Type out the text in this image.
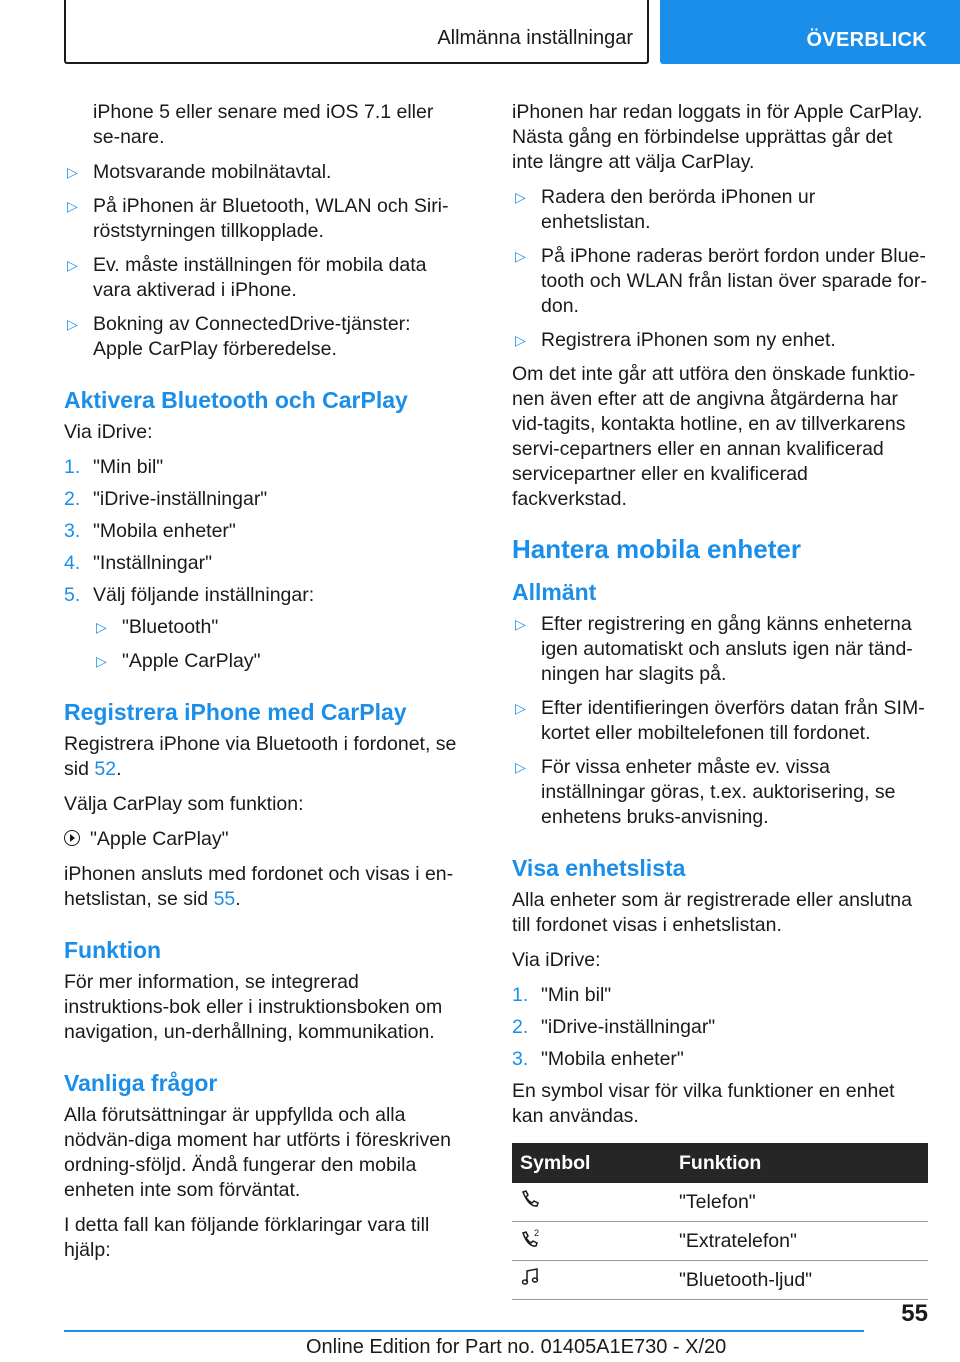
Allmänna inställningar	ÖVERBLICK

iPhone 5 eller senare med iOS 7.1 eller se-nare.

▷ Motsvarande mobilnätavtal.
▷ På iPhonen är Bluetooth, WLAN och Siri-röststyrningen tillkopplade.
▷ Ev. måste inställningen för mobila data vara aktiverad i iPhone.
▷ Bokning av ConnectedDrive-tjänster: Apple CarPlay förberedelse.
Aktivera Bluetooth och CarPlay

Via iDrive:

1. "Min bil"
2. "iDrive-inställningar"
3. "Mobila enheter"
4. "Inställningar"
5. Välj följande inställningar:
▷ "Bluetooth"
▷ "Apple CarPlay"
Registrera iPhone med CarPlay

Registrera iPhone via Bluetooth i fordonet, se sid 52.

Välja CarPlay som funktion:

"Apple CarPlay"

iPhonen ansluts med fordonet och visas i en-hetslistan, se sid 55.

Funktion

För mer information, se integrerad instruktions-bok eller i instruktionsboken om navigation, un-derhållning, kommunikation.

Vanliga frågor

Alla förutsättningar är uppfyllda och alla nödvän-diga moment har utförts i föreskriven ordning-sföljd. Ändå fungerar den mobila enheten inte som förväntat.

I detta fall kan följande förklaringar vara till hjälp:

iPhonen har redan loggats in för Apple CarPlay. Nästa gång en förbindelse upprättas går det inte längre att välja CarPlay.

▷ Radera den berörda iPhonen ur enhetslistan.
▷ På iPhone raderas berört fordon under Blue-tooth och WLAN från listan över sparade for-don.
▷ Registrera iPhonen som ny enhet.

Om det inte går att utföra den önskade funktio-nen även efter att de angivna åtgärderna har vid-tagits, kontakta hotline, en av tillverkarens servi-cepartners eller en annan kvalificerad servicepartner eller en kvalificerad fackverkstad.

Hantera mobila enheter
Allmänt
▷ Efter registrering en gång känns enheterna igen automatiskt och ansluts igen när tänd-ningen har slagits på.
▷ Efter identifieringen överförs datan från SIM-kortet eller mobiltelefonen till fordonet.
▷ För vissa enheter måste ev. vissa inställningar göras, t.ex. auktorisering, se enhetens bruks-anvisning.
Visa enhetslista

Alla enheter som är registrerade eller anslutna till fordonet visas i enhetslistan.

Via iDrive:

1. "Min bil"
2. "iDrive-inställningar"
3. "Mobila enheter"

En symbol visar för vilka funktioner en enhet kan användas.

Symbol	Funktion
	"Telefon"

2	"Extratelefon"
	"Bluetooth-ljud"
55
Online Edition for Part no. 01405A1E730 - X/20
